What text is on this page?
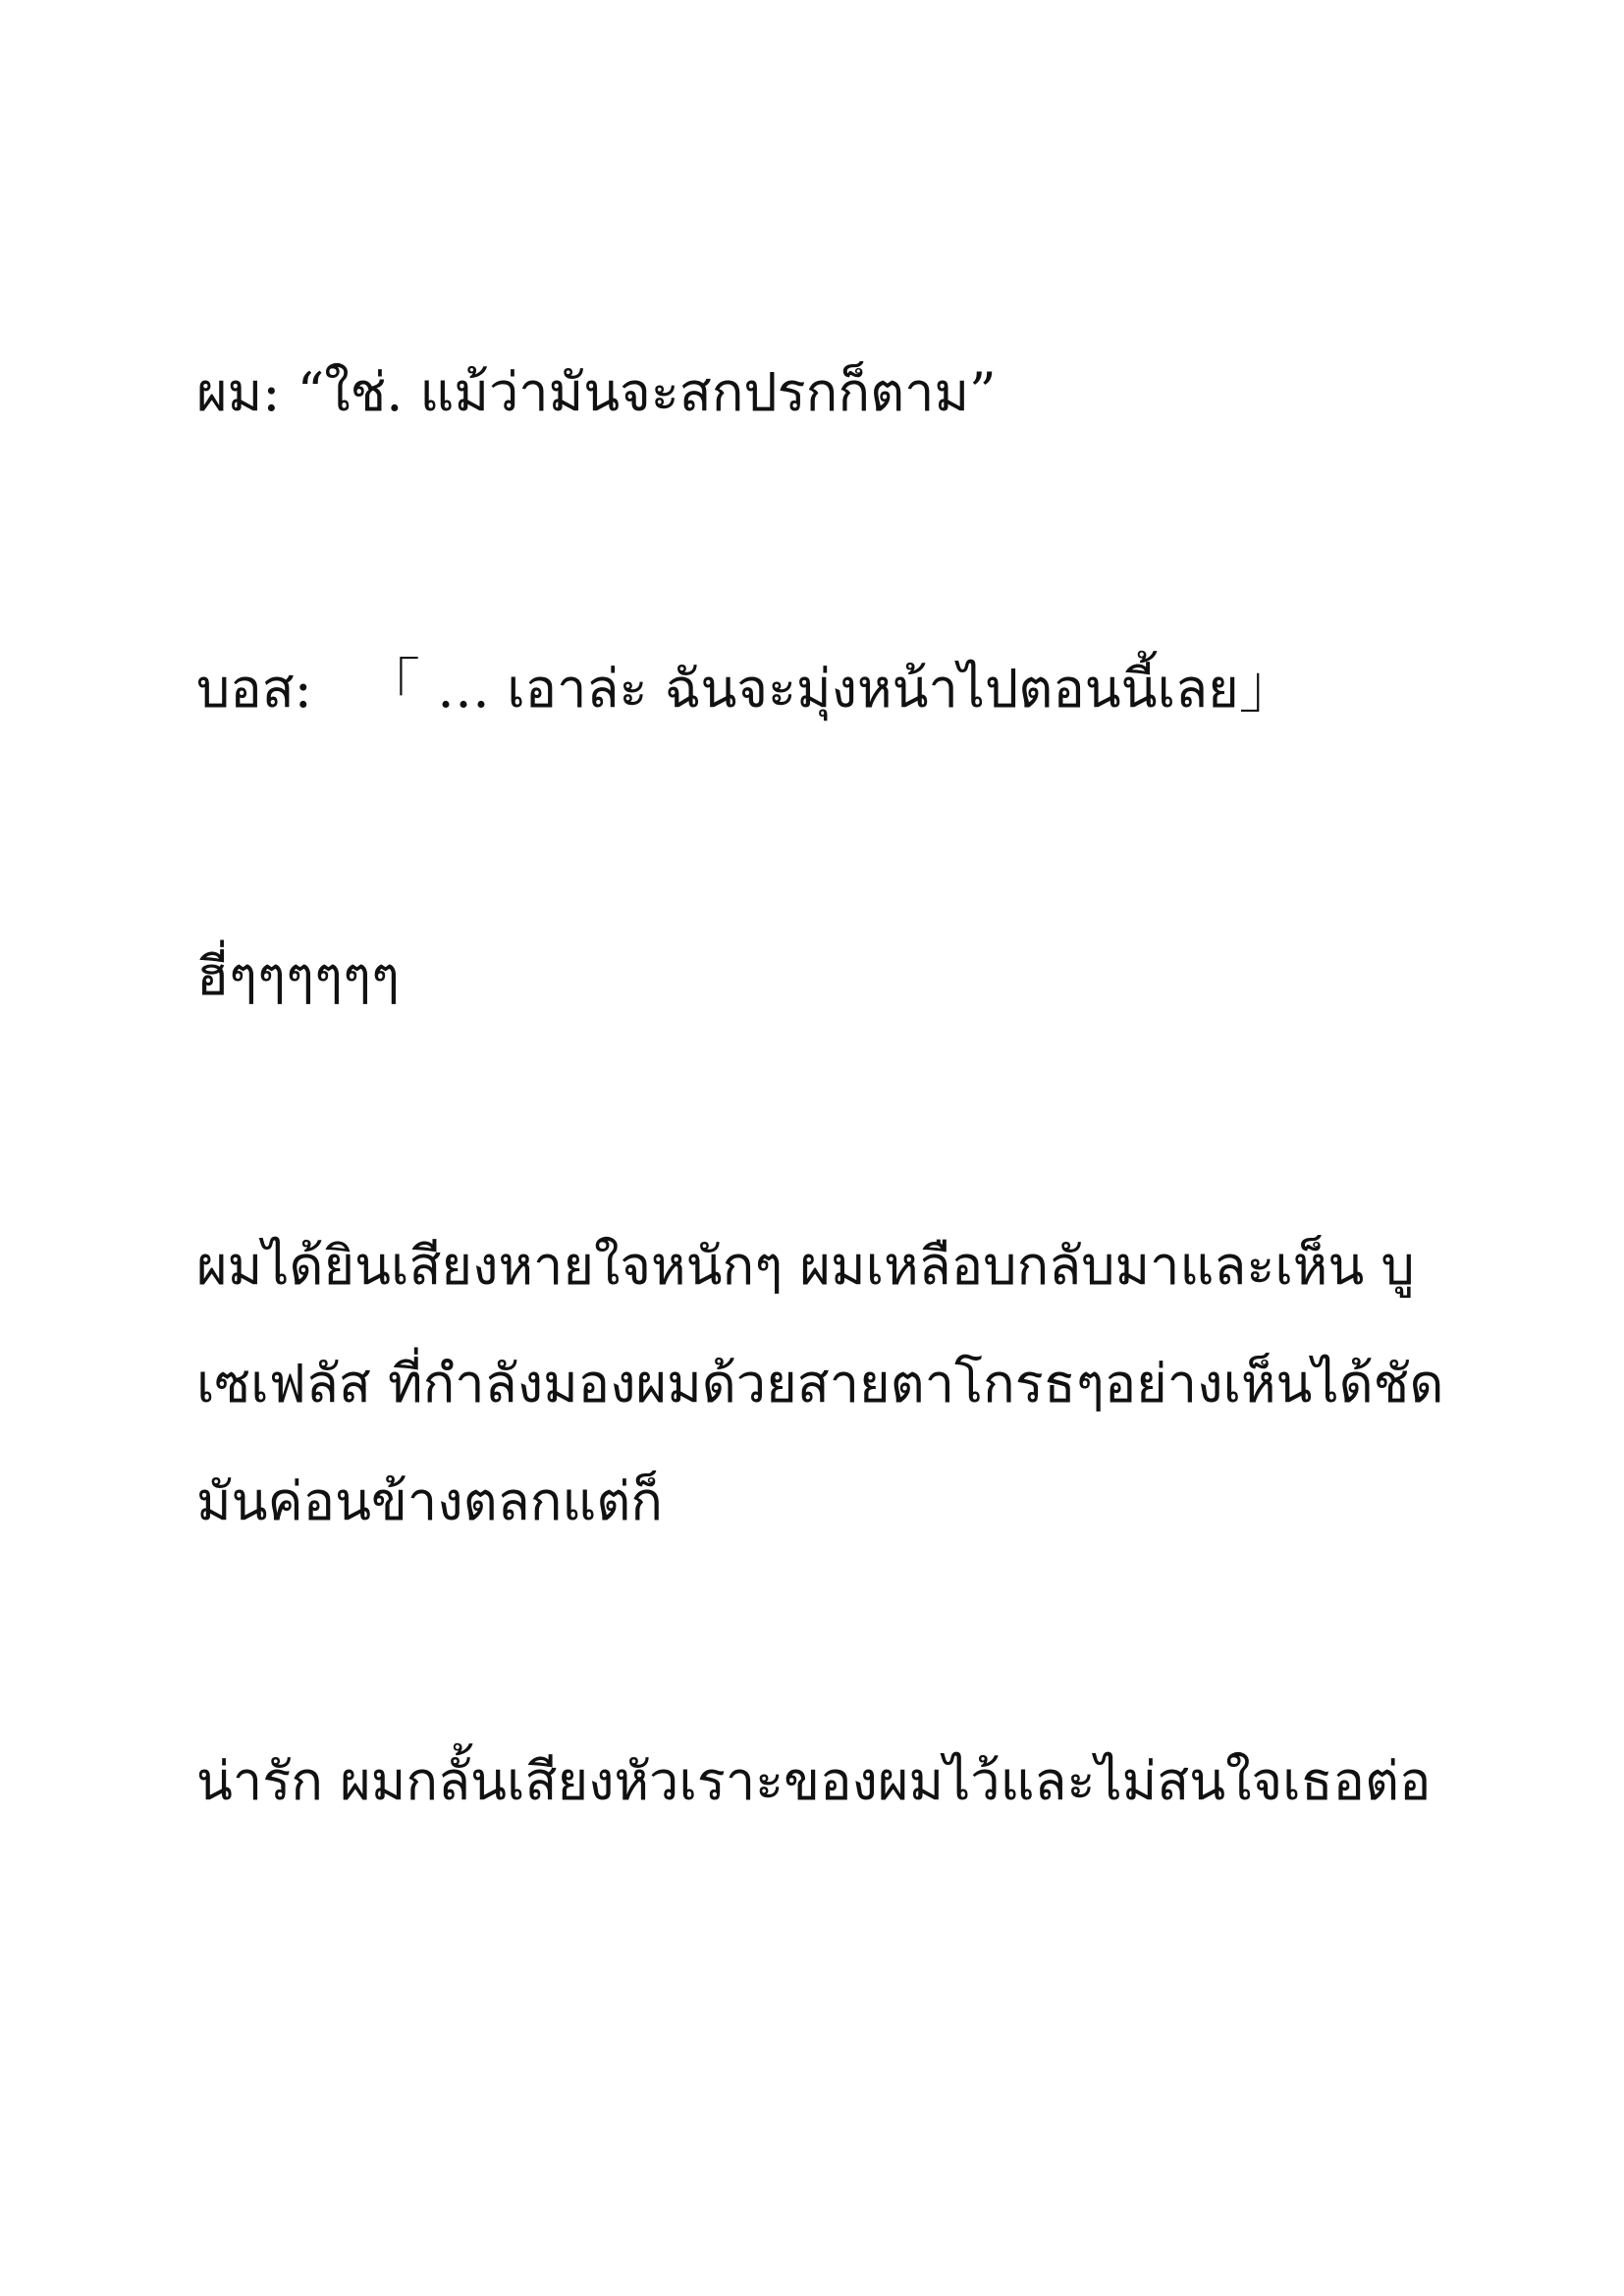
ผม: “ใช่. แม้ว่ามันจะสกปรกก็ตาม”
บอส: 「 … เอาล่ะ ฉันจะมุ่งหน้าไปตอนนี้เลย」
ฮี่ๆๆๆๆๆๆ
ผมได้ยินเสียงหายใจหนักๆ ผมเหลือบกลับมาและเห็น บู
เซเฟลัส ที่กำลังมองผมด้วยสายตาโกรธๆอย่างเห็นได้ชัด
มันค่อนข้างตลกแต่ก็
น่ารัก ผมกลั้นเสียงหัวเราะของผมไว้และไม่สนใจเธอต่อ
